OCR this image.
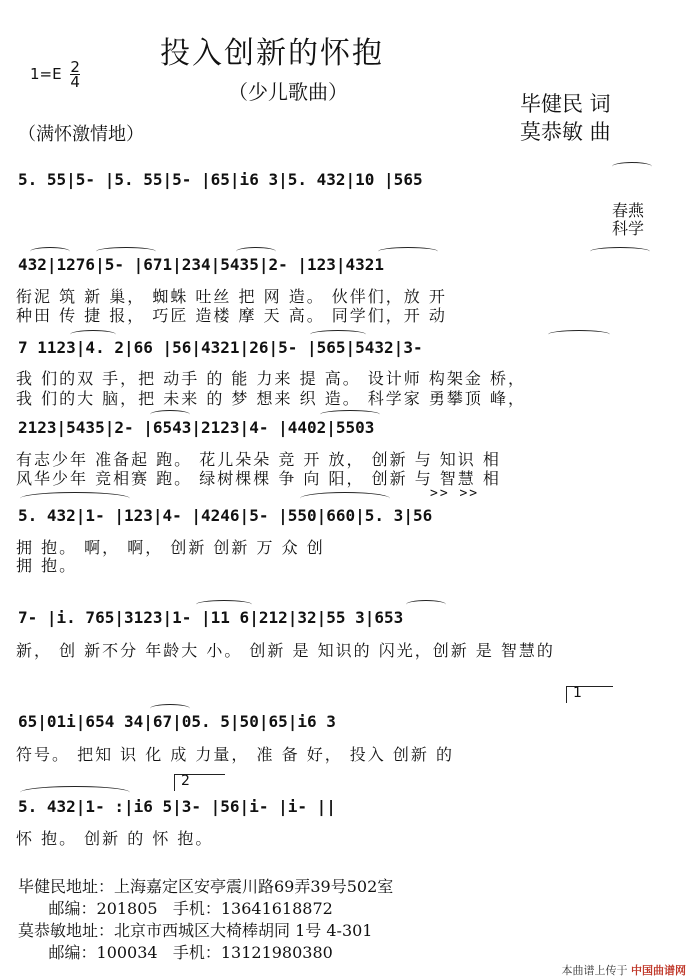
投入创新的怀抱
（少儿歌曲）
$1=E \frac{2}{4}$
毕健民 词
莫恭敏 曲
（满怀激情地）
5. 55|5- |5. 55|5- |65|i6 3|5. 432|10 |565
春燕
科学
432|1276|5- |671|234|5435|2- |123|4321
衔泥 筑 新 巢， 蜘蛛 吐丝 把 网 造。 伙伴们，放 开
种田 传 捷 报， 巧匠 造楼 摩 天 高。 同学们，开 动
7 1123|4. 2|66 |56|4321|26|5- |565|5432|3-
我 们的双 手，把 动手 的 能 力来 提 高。 设计师 构架金 桥，
我 们的大 脑，把 未来 的 梦 想来 织 造。 科学家 勇攀顶 峰，
2123|5435|2- |6543|2123|4- |4402|5503
有志少年 准备起 跑。 花儿朵朵 竞 开 放， 创新 与 知识 相
风华少年 竞相赛 跑。 绿树棵棵 争 向 阳， 创新 与 智慧 相
>> >>
5. 432|1- |123|4- |4246|5- |550|660|5. 3|56
拥 抱。 啊， 啊， 创新 创新 万 众 创
拥 抱。
7- |i. 765|3123|1- |11 6|212|32|55 3|653
新， 创 新不分 年龄大 小。 创新 是 知识的 闪光，创新 是 智慧的
1
65|01i|654 34|67|05. 5|50|65|i6 3
符号。 把知 识 化 成 力量， 准 备 好， 投入 创新 的
2
5. 432|1- :|i6 5|3- |56|i- |i- ||
怀 抱。 创新 的 怀 抱。
毕健民地址：上海嘉定区安亭震川路69弄39号502室
邮编：201805   手机：13641618872
莫恭敏地址：北京市西城区大椅棒胡同 1号 4-301
邮编：100034   手机：13121980380
本曲谱上传于 中国曲谱网
